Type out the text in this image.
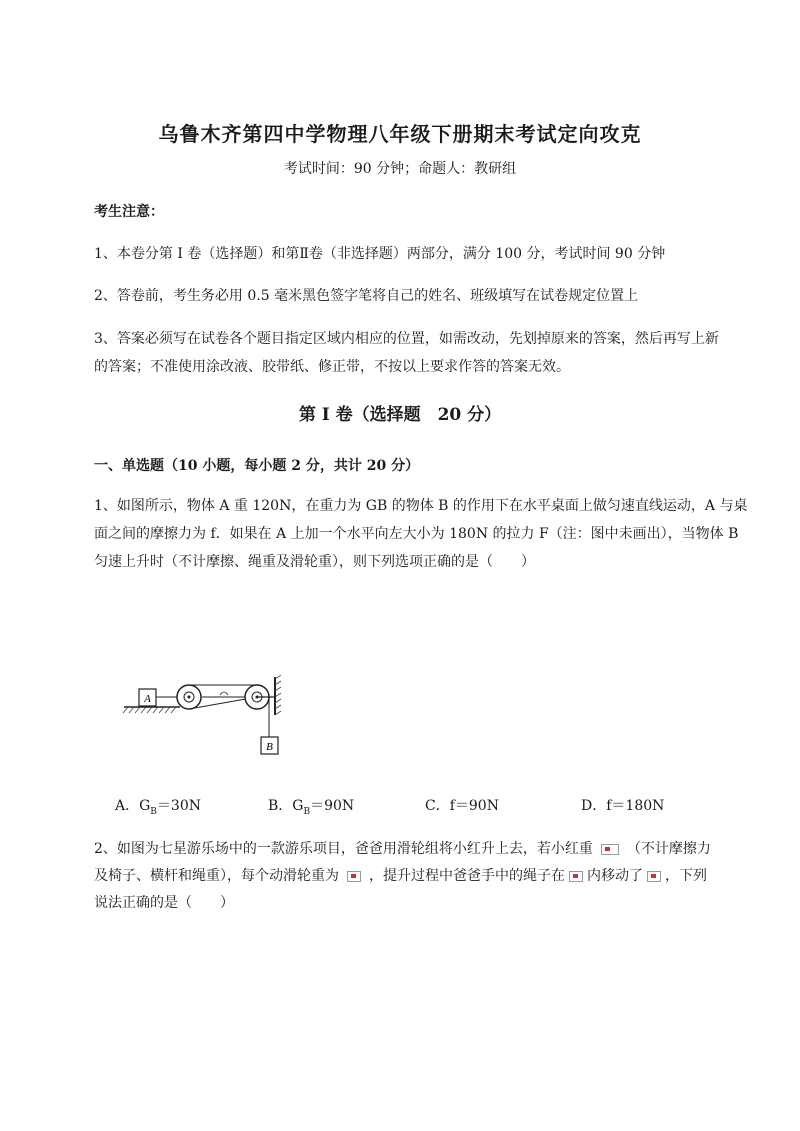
乌鲁木齐第四中学物理八年级下册期末考试定向攻克
考试时间：90 分钟；命题人：教研组
考生注意：
1、本卷分第 I 卷（选择题）和第Ⅱ卷（非选择题）两部分，满分 100 分，考试时间 90 分钟
2、答卷前，考生务必用 0.5 毫米黑色签字笔将自己的姓名、班级填写在试卷规定位置上
3、答案必须写在试卷各个题目指定区域内相应的位置，如需改动，先划掉原来的答案，然后再写上新
的答案；不准使用涂改液、胶带纸、修正带，不按以上要求作答的答案无效。
第 I 卷（选择题　20 分）
一、单选题（10 小题，每小题 2 分，共计 20 分）
1、如图所示，物体 A 重 120N，在重力为 GB 的物体 B 的作用下在水平桌面上做匀速直线运动，A 与桌
面之间的摩擦力为 f．如果在 A 上加一个水平向左大小为 180N 的拉力 F（注：图中未画出），当物体 B
匀速上升时（不计摩擦、绳重及滑轮重），则下列选项正确的是（　　）
A
B
A．$G_B=30N$	B．$G_B=90N$	C．f＝90N	D．f＝180N
2、如图为七星游乐场中的一款游乐项目，爸爸用滑轮组将小红升上去，若小红重 （不计摩擦力
及椅子、横杆和绳重），每个动滑轮重为 ，提升过程中爸爸手中的绳子在 内移动了 ，下列
说法正确的是（　　）
